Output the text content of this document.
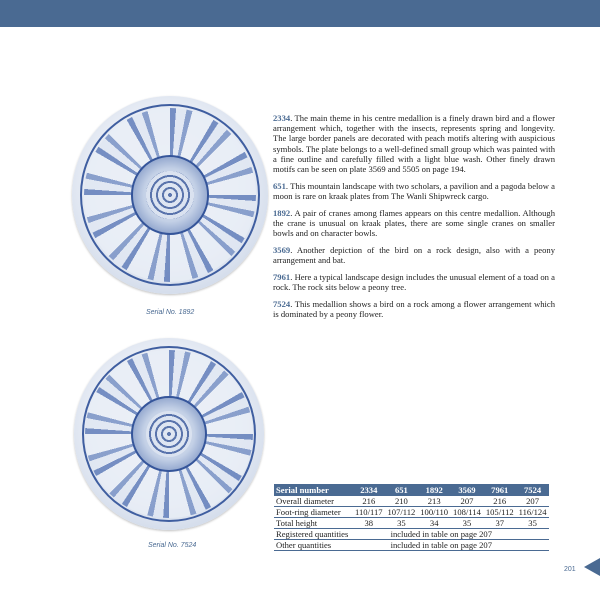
Serial No. 1892
Serial No. 7524

2334. The main theme in his centre medallion is a finely drawn bird and a flower arrangement which, together with the insects, represents spring and longevity. The large border panels are decorated with peach motifs altering with auspicious symbols. The plate belongs to a well-defined small group which was painted with a fine outline and carefully filled with a light blue wash. Other finely drawn motifs can be seen on plate 3569 and 5505 on page 194.

651. This mountain landscape with two scholars, a pavilion and a pagoda below a moon is rare on kraak plates from The Wanli Shipwreck cargo.

1892. A pair of cranes among flames appears on this centre medallion. Although the crane is unusual on kraak plates, there are some single cranes on smaller bowls and on character bowls.

3569. Another depiction of the bird on a rock design, also with a peony arrangement and bat.

7961. Here a typical landscape design includes the unusual element of a toad on a rock. The rock sits below a peony tree.

7524. This medallion shows a bird on a rock among a flower arrangement which is dominated by a peony flower.

Serial number	2334	651	1892	3569	7961	7524
Overall diameter	216	210	213	207	216	207
Foot-ring diameter	110/117	107/112	100/110	108/114	105/112	116/124
Total height	38	35	34	35	37	35
Registered quantities	included in table on page 207					
Other quantities	included in table on page 207					
201
